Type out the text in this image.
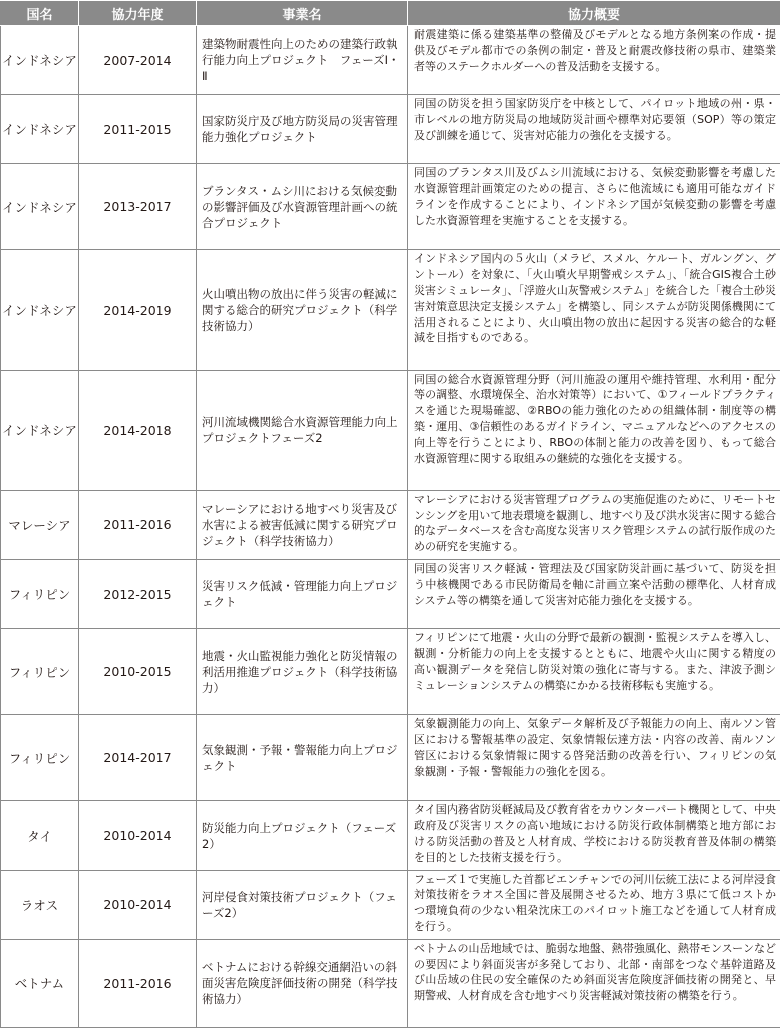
国名	協力年度	事業名	協力概要
インドネシア	2007-2014	建築物耐震性向上のための建築行政執行能力向上プロジェクト　フェーズⅠ・Ⅱ	耐震建築に係る建築基準の整備及びモデルとなる地方条例案の作成・提供及びモデル都市での条例の制定・普及と耐震改修技術の県市、建築業者等のステークホルダーへの普及活動を支援する。
インドネシア	2011-2015	国家防災庁及び地方防災局の災害管理能力強化プロジェクト	同国の防災を担う国家防災庁を中核として、パイロット地域の州・県・市レベルの地方防災局の地域防災計画や標準対応要領（SOP）等の策定及び訓練を通じて、災害対応能力の強化を支援する。
インドネシア	2013-2017	ブランタス・ムシ川における気候変動の影響評価及び水資源管理計画への統合プロジェクト	同国のブランタス川及びムシ川流域における、気候変動影響を考慮した水資源管理計画策定のための提言、さらに他流域にも適用可能なガイドラインを作成することにより、インドネシア国が気候変動の影響を考慮した水資源管理を実施することを支援する。
インドネシア	2014-2019	火山噴出物の放出に伴う災害の軽減に関する総合的研究プロジェクト（科学技術協力）	インドネシア国内の５火山（メラピ、スメル、ケルート、ガルングン、グントール）を対象に、「火山噴火早期警戒システム」、「統合GIS複合土砂災害シミュレータ」、「浮遊火山灰警戒システム」を統合した「複合土砂災害対策意思決定支援システム」を構築し、同システムが防災関係機関にて活用されることにより、火山噴出物の放出に起因する災害の総合的な軽減を目指すものである。
インドネシア	2014-2018	河川流域機関総合水資源管理能力向上プロジェクトフェーズ2	同国の総合水資源管理分野（河川施設の運用や維持管理、水利用・配分等の調整、水環境保全、治水対策等）において、①フィールドプラクティスを通じた現場確認、②RBOの能力強化のための組織体制・制度等の構築・運用、③信頼性のあるガイドライン、マニュアルなどへのアクセスの向上等を行うことにより、RBOの体制と能力の改善を図り、もって総合水資源管理に関する取組みの継続的な強化を支援する。
マレーシア	2011-2016	マレーシアにおける地すべり災害及び水害による被害低減に関する研究プロジェクト（科学技術協力）	マレーシアにおける災害管理プログラムの実施促進のために、リモートセンシングを用いて地表環境を観測し、地すべり及び洪水災害に関する総合的なデータベースを含む高度な災害リスク管理システムの試行版作成のための研究を実施する。
フィリピン	2012-2015	災害リスク低減・管理能力向上プロジェクト	同国の災害リスク軽減・管理法及び国家防災計画に基づいて、防災を担う中核機関である市民防衛局を軸に計画立案や活動の標準化、人材育成システム等の構築を通して災害対応能力強化を支援する。
フィリピン	2010-2015	地震・火山監視能力強化と防災情報の利活用推進プロジェクト（科学技術協力）	フィリピンにて地震・火山の分野で最新の観測・監視システムを導入し、観測・分析能力の向上を支援するとともに、地震や火山に関する精度の高い観測データを発信し防災対策の強化に寄与する。また、津波予測シミュレーションシステムの構築にかかる技術移転も実施する。
フィリピン	2014-2017	気象観測・予報・警報能力向上プロジェクト	気象観測能力の向上、気象データ解析及び予報能力の向上、南ルソン管区における警報基準の設定、気象情報伝達方法・内容の改善、南ルソン管区における気象情報に関する啓発活動の改善を行い、フィリピンの気象観測・予報・警報能力の強化を図る。
タイ	2010-2014	防災能力向上プロジェクト（フェーズ2）	タイ国内務省防災軽減局及び教育省をカウンターパート機関として、中央政府及び災害リスクの高い地域における防災行政体制構築と地方部における防災活動の普及と人材育成、学校における防災教育普及体制の構築を目的とした技術支援を行う。
ラオス	2010-2014	河岸侵食対策技術プロジェクト（フェーズ2）	フェーズ１で実施した首都ビエンチャンでの河川伝統工法による河岸浸食対策技術をラオス全国に普及展開させるため、地方３県にて低コストかつ環境負荷の少ない粗朶沈床工のパイロット施工などを通して人材育成を行う。
ベトナム	2011-2016	ベトナムにおける幹線交通網沿いの斜面災害危険度評価技術の開発（科学技術協力）	ベトナムの山岳地域では、脆弱な地盤、熱帯強風化、熱帯モンスーンなどの要因により斜面災害が多発しており、北部・南部をつなぐ基幹道路及び山岳域の住民の安全確保のため斜面災害危険度評価技術の開発と、早期警戒、人材育成を含む地すべり災害軽減対策技術の構築を行う。
